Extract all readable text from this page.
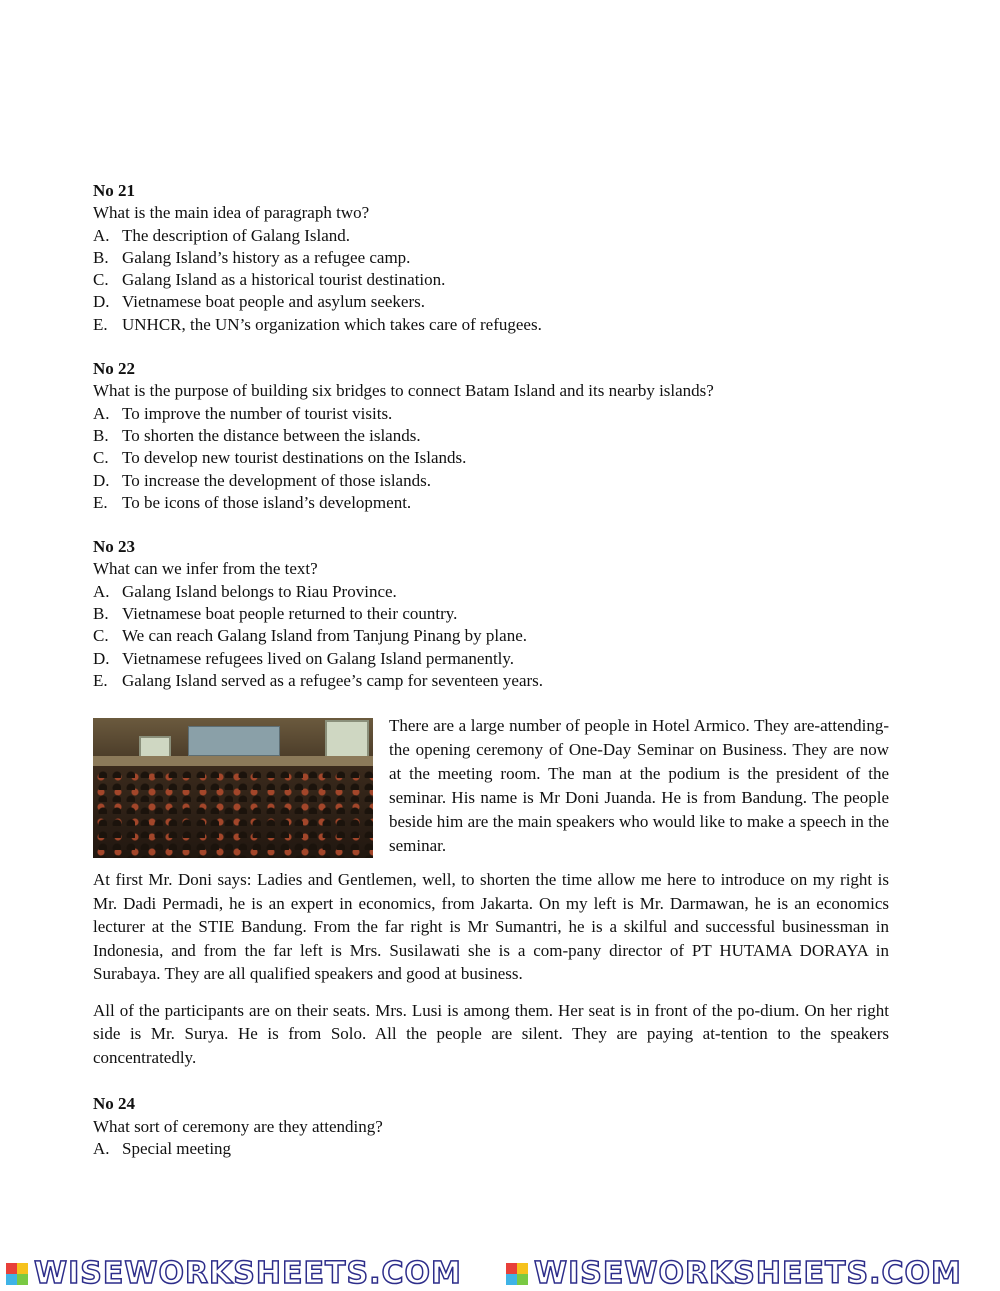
No 21
What is the main idea of paragraph two?
A. The description of Galang Island.
B. Galang Island’s history as a refugee camp.
C. Galang Island as a historical tourist destination.
D. Vietnamese boat people and asylum seekers.
E. UNHCR, the UN’s organization which takes care of refugees.
No 22
What is the purpose of building six bridges to connect Batam Island and its nearby islands?
A. To improve the number of tourist visits.
B. To shorten the distance between the islands.
C. To develop new tourist destinations on the Islands.
D. To increase the development of those islands.
E. To be icons of those island’s development.
No 23
What can we infer from the text?
A. Galang Island belongs to Riau Province.
B. Vietnamese boat people returned to their country.
C. We can reach Galang Island from Tanjung Pinang by plane.
D. Vietnamese refugees lived on Galang Island permanently.
E. Galang Island served as a refugee’s camp for seventeen years.
There are a large number of people in Hotel Armico. They are-attending-the opening ceremony of One-Day Seminar on Business. They are now at the meeting room. The man at the podium is the president of the seminar. His name is Mr Doni Juanda. He is from Bandung. The people beside him are the main speakers who would like to make a speech in the seminar.

At first Mr. Doni says: Ladies and Gentlemen, well, to shorten the time allow me here to introduce on my right is Mr. Dadi Permadi, he is an expert in economics, from Jakarta. On my left is Mr. Darmawan, he is an economics lecturer at the STIE Bandung. From the far right is Mr Sumantri, he is a skilful and successful businessman in Indonesia, and from the far left is Mrs. Susilawati she is a com-pany director of PT HUTAMA DORAYA in Surabaya. They are all qualified speakers and good at business.

All of the participants are on their seats. Mrs. Lusi is among them. Her seat is in front of the po-dium. On her right side is Mr. Surya. He is from Solo. All the people are silent. They are paying at-tention to the speakers concentratedly.

No 24
What sort of ceremony are they attending?
A. Special meeting
WISEWORKSHEETS.COM WISEWORKSHEETS.COM
